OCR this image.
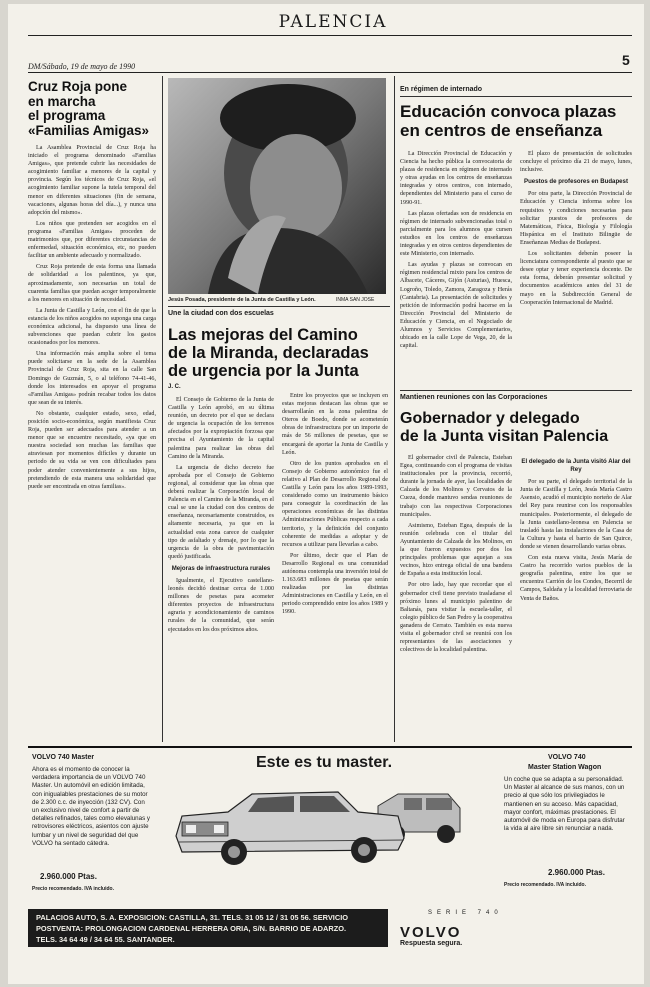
PALENCIA
DM/Sábado, 19 de mayo de 1990	5
Cruz Roja pone
en marcha
el programa
«Familias Amigas»

La Asamblea Provincial de Cruz Roja ha iniciado el programa denominado «Familias Amigas», que pretende cubrir las necesidades de acogimiento familiar a menores de la capital y provincia. Según los técnicos de Cruz Roja, «el acogimiento familiar supone la tutela temporal del menor en diferentes situaciones (fin de semana, vacaciones, algunas horas del día...), y nunca una adopción del mismo».

Los niños que pretenden ser acogidos en el programa «Familias Amigas» proceden de matrimonios que, por diferentes circunstancias de enfermedad, situación económica, etc, no pueden facilitar un ambiente adecuado y normalizado.

Cruz Roja pretende de esta forma una llamada de solidaridad a los palentinos, ya que, aproximadamente, son necesarias un total de cuarenta familias que puedan acoger temporalmente a los menores en situación de necesidad.

La Junta de Castilla y León, con el fin de que la estancia de los niños acogidos no suponga una carga económica adicional, ha dispuesto una línea de subvenciones que puedan cubrir los gastos ocasionados por los menores.

Una información más amplia sobre el tema puede solicitarse en la sede de la Asamblea Provincial de Cruz Roja, sita en la calle San Domingo de Guzmán, 5, o al teléfono 74-41-46, donde los interesados en apoyar el programa «Familias Amigas» podrán recabar todos los datos que sean de su interés.

No obstante, cualquier estado, sexo, edad, posición socio-económica, según manifiesta Cruz Roja, pueden ser adecuados para atender a un menor que se encuentre necesitado, «ya que en nuestra sociedad son muchas las familias que atraviesan por momentos difíciles y durante un periodo de su vida se ven con dificultades para poder atender convenientemente a sus hijos, pretendiendo de esta manera una solidaridad que puede ser encontrada en otras familias».

Jesús Posada, presidente de la Junta de Castilla y León.	INMA SAN JOSE
Une la ciudad con dos escuelas
Las mejoras del Camino
de la Miranda, declaradas
de urgencia por la Junta
J. C.

El Consejo de Gobierno de la Junta de Castilla y León aprobó, en su última reunión, un decreto por el que se declara de urgencia la ocupación de los terrenos afectados por la expropiación forzosa que precisa el Ayuntamiento de la capital palentina para realizar las obras del Camino de la Miranda.

La urgencia de dicho decreto fue aprobada por el Consejo de Gobierno regional, al considerar que las obras que deberá realizar la Corporación local de Palencia en el Camino de la Miranda, en el cual se une la ciudad con dos centros de enseñanza, necesariamente construidos, es altamente necesaria, ya que en la actualidad esta zona carece de cualquier tipo de asfaltado y drenaje, por lo que la urgencia de la obra de pavimentación quedó justificada.

Mejoras de infraestructura rurales

Igualmente, el Ejecutivo castellano-leonés decidió destinar cerca de 1.000 millones de pesetas para acometer diferentes proyectos de infraestructura agraria y acondicionamiento de caminos rurales de la comunidad, que serán ejecutados en los dos próximos años.

Entre los proyectos que se incluyen en estas mejoras destacan las obras que se desarrollarán en la zona palentina de Oteros de Boedo, donde se acometerán obras de infraestructura por un importe de más de 56 millones de pesetas, que se encargará de aportar la Junta de Castilla y León.

Otro de los puntos aprobados en el Consejo de Gobierno autonómico fue el relativo al Plan de Desarrollo Regional de Castilla y León para los años 1989-1993, considerado como un instrumento básico para conseguir la coordinación de las operaciones económicas de las distintas Administraciones Públicas respecto a cada territorio, y la definición del conjunto coherente de medidas a adoptar y de recursos a utilizar para llevarlas a cabo.

Por último, decir que el Plan de Desarrollo Regional es una comunidad autónoma contempla una inversión total de 1.163.683 millones de pesetas que serán realizadas por las distintas Administraciones en Castilla y León, en el periodo comprendido entre los años 1989 y 1990.

En régimen de internado
Educación convoca plazas
en centros de enseñanza

La Dirección Provincial de Educación y Ciencia ha hecho pública la convocatoria de plazas de residencia en régimen de internado y otras ayudas en los centros de enseñanzas integradas y otros centros, con internado, dependientes del Ministerio para el curso de 1990-91.

Las plazas ofertadas son de residencia en régimen de internado subvencionadas total o parcialmente para los alumnos que cursen estudios en los centros de enseñanzas integradas y en otros centros dependientes de este Ministerio, con internado.

Las ayudas y plazas se convocan en régimen residencial mixto para los centros de Albacete, Cáceres, Gijón (Asturias), Huesca, Logroño, Toledo, Zamora, Zaragoza y Herás (Cantabria). La presentación de solicitudes y petición de información podrá hacerse en la Dirección Provincial del Ministerio de Educación y Ciencia, en el Negociado de Alumnos y Servicios Complementarios, ubicado en la calle Lope de Vega, 20, de la capital.

El plazo de presentación de solicitudes concluye el próximo día 21 de mayo, lunes, inclusive.

Puestos de profesores en Budapest

Por otra parte, la Dirección Provincial de Educación y Ciencia informa sobre los requisitos y condiciones necesarias para solicitar puestos de profesores de Matemáticas, Física, Biología y Filología Hispánica en el Instituto Bilingüe de Enseñanzas Medias de Budapest.

Los solicitantes deberán poseer la licenciatura correspondiente al puesto que se desee optar y tener experiencia docente. De esta forma, deberán presentar solicitud y documentos académicos antes del 31 de mayo en la Subdirección General de Cooperación Internacional de Madrid.

Mantienen reuniones con las Corporaciones
Gobernador y delegado
de la Junta visitan Palencia

El gobernador civil de Palencia, Esteban Egea, continuando con el programa de visitas institucionales por la provincia, recorrió, durante la jornada de ayer, las localidades de Calzada de los Molinos y Cervatos de la Cueza, donde mantuvo sendas reuniones de trabajo con las respectivas Corporaciones municipales.

Asimismo, Esteban Egea, después de la reunión celebrada con el titular del Ayuntamiento de Calzada de los Molinos, en la que fueron expuestos por dos los principales problemas que aquejan a sus vecinos, hizo entrega oficial de una bandera de España a esta institución local.

Por otro lado, hay que recordar que el gobernador civil tiene previsto trasladarse el próximo lunes al municipio palentino de Baltanás, para visitar la escuela-taller, el colegio público de San Pedro y la cooperativa ganadera de Cerrato. También es esta nueva visita el gobernador civil se reunirá con los representantes de las asociaciones y colectivos de la localidad palentina.

El delegado de la Junta visitó Alar del Rey

Por su parte, el delegado territorial de la Junta de Castilla y León, Jesús María Castro Asensio, acudió el municipio norteño de Alar del Rey para reunirse con los responsables municipales. Posteriormente, el delegado de la Junta castellano-leonesa en Palencia se trasladó hasta las instalaciones de la Casa de la Cultura y hasta el barrio de San Quirce, donde se vienen desarrollando varias obras.

Con esta nueva visita, Jesús María de Castro ha recorrido varios pueblos de la geografía palentina, entre los que se encuentra Carrión de los Condes, Becerril de Campos, Saldaña y la localidad ferroviaria de Venta de Baños.

VOLVO 740 Master
Ahora es el momento de conocer la verdadera importancia de un VOLVO 740 Master. Un automóvil en edición limitada, con inigualables prestaciones de su motor de 2.300 c.c. de inyección (132 CV). Con un exclusivo nivel de confort a partir de detalles refinados, tales como elevalunas y retrovisores eléctricos, asientos con ajuste lumbar y un nivel de seguridad del que VOLVO ha sentado cátedra.
2.960.000 Ptas.
Precio recomendado. IVA incluido.
Este es tu master.	VOLVO 740
Master Station Wagon
Un coche que se adapta a su personalidad. Un Master al alcance de sus manos, con un precio al que sólo los privilegiados le mantienen en su acceso. Más capacidad, mayor confort, máximas prestaciones. El automóvil de moda en Europa para disfrutar la vida al aire libre sin renunciar a nada.
2.960.000 Ptas.
Precio recomendado. IVA incluido.
PALACIOS AUTO, S. A. EXPOSICION: CASTILLA, 31. TELS. 31 05 12 / 31 05 56. SERVICIO
POSTVENTA: PROLONGACION CARDENAL HERRERA ORIA, S/N. BARRIO DE ADARZO.
TELS. 34 64 49 / 34 64 55. SANTANDER.
SERIE 740
VOLVO
Respuesta segura.
